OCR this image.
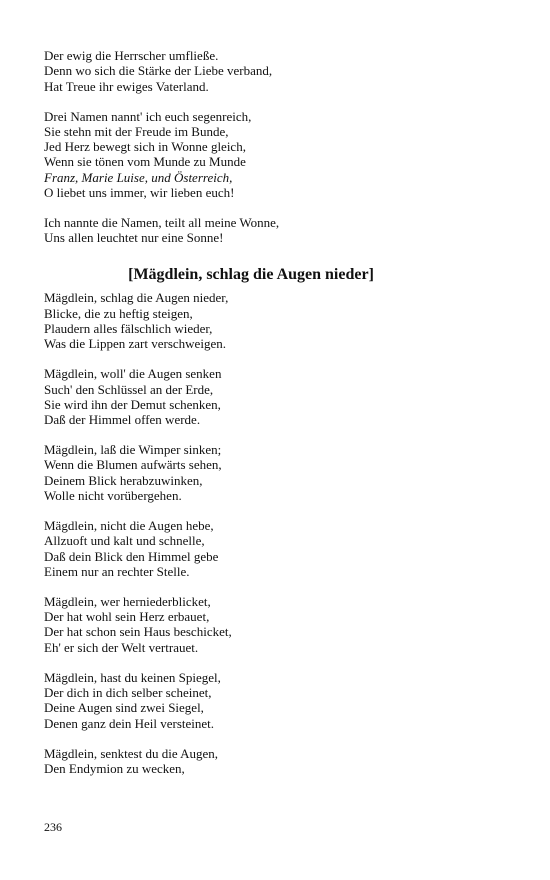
Der ewig die Herrscher umfließe.
Denn wo sich die Stärke der Liebe verband,
Hat Treue ihr ewiges Vaterland.
Drei Namen nannt' ich euch segenreich,
Sie stehn mit der Freude im Bunde,
Jed Herz bewegt sich in Wonne gleich,
Wenn sie tönen vom Munde zu Munde
Franz, Marie Luise, und Österreich,
O liebet uns immer, wir lieben euch!
Ich nannte die Namen, teilt all meine Wonne,
Uns allen leuchtet nur eine Sonne!
[Mägdlein, schlag die Augen nieder]
Mägdlein, schlag die Augen nieder,
Blicke, die zu heftig steigen,
Plaudern alles fälschlich wieder,
Was die Lippen zart verschweigen.
Mägdlein, woll' die Augen senken
Such' den Schlüssel an der Erde,
Sie wird ihn der Demut schenken,
Daß der Himmel offen werde.
Mägdlein, laß die Wimper sinken;
Wenn die Blumen aufwärts sehen,
Deinem Blick herabzuwinken,
Wolle nicht vorübergehen.
Mägdlein, nicht die Augen hebe,
Allzuoft und kalt und schnelle,
Daß dein Blick den Himmel gebe
Einem nur an rechter Stelle.
Mägdlein, wer herniederblicket,
Der hat wohl sein Herz erbauet,
Der hat schon sein Haus beschicket,
Eh' er sich der Welt vertrauet.
Mägdlein, hast du keinen Spiegel,
Der dich in dich selber scheinet,
Deine Augen sind zwei Siegel,
Denen ganz dein Heil versteinet.
Mägdlein, senktest du die Augen,
Den Endymion zu wecken,
236
